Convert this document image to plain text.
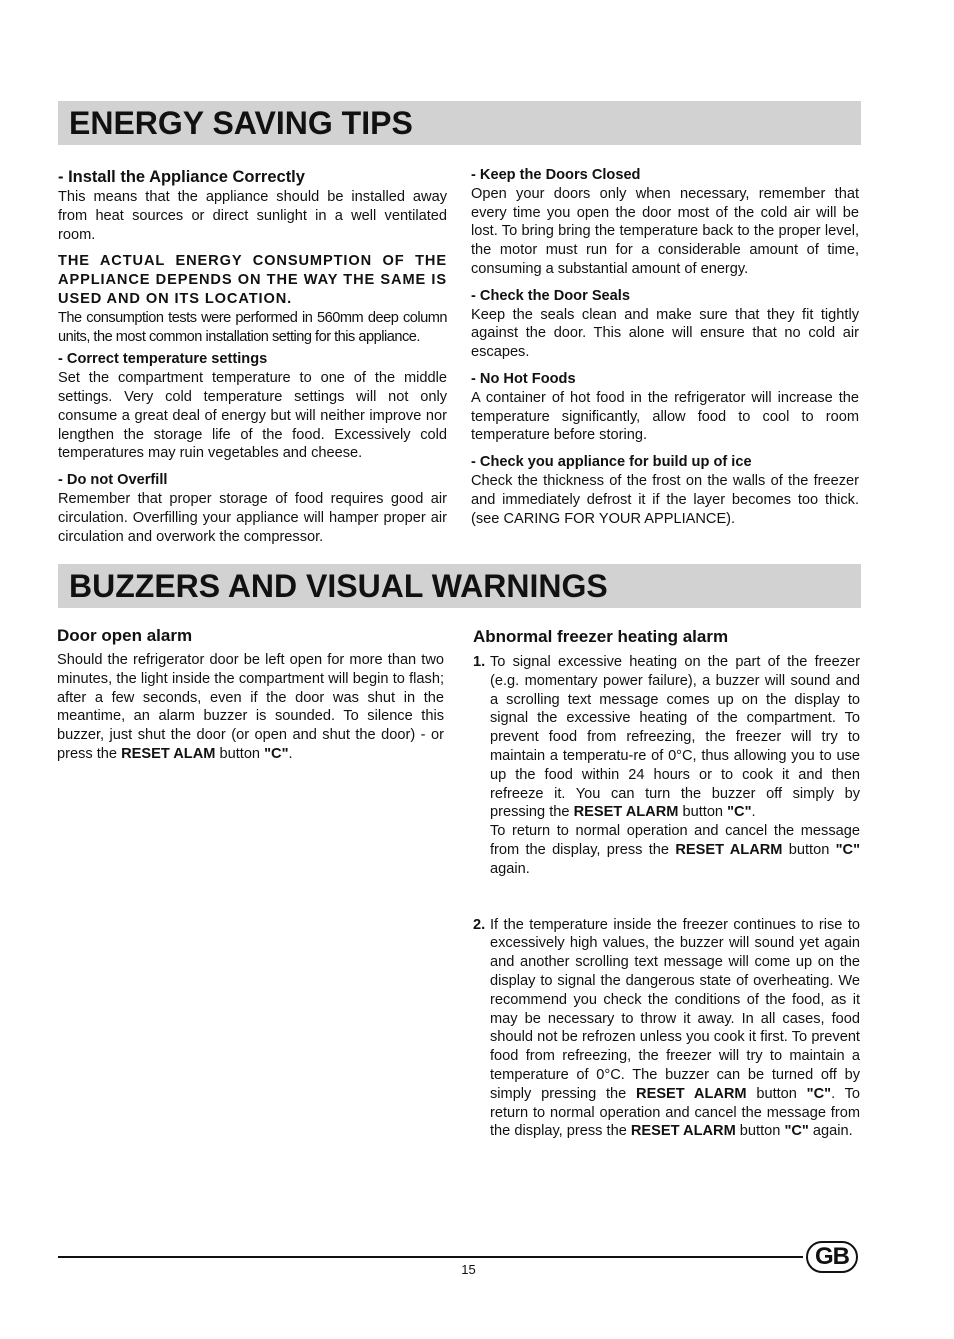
ENERGY SAVING TIPS
- Install the Appliance Correctly

This means that the appliance should be installed away from heat sources or direct sunlight in a well ventilated room.

THE ACTUAL ENERGY CONSUMPTION OF THE APPLIANCE DEPENDS ON THE WAY THE SAME IS USED AND ON ITS LOCATION.

The consumption tests were performed in 560mm deep column units, the most common installation setting for this appliance.

- Correct temperature settings

Set the compartment temperature to one of the middle settings. Very cold temperature settings will not only consume a great deal of energy but will neither improve nor lengthen the storage life of the food. Excessively cold temperatures may ruin vegetables and cheese.

- Do not Overfill

Remember that proper storage of food requires good air circulation. Overfilling your appliance will hamper proper air circulation and overwork the compressor.

- Keep the Doors Closed

Open your doors only when necessary, remember that every time you open the door most of the cold air will be lost. To bring bring the temperature back to the proper level, the motor must run for a considerable amount of time, consuming a substantial amount of energy.

- Check the Door Seals

Keep the seals clean and make sure that they fit tightly against the door. This alone will ensure that no cold air escapes.

- No Hot Foods

A container of hot food in the refrigerator will increase the temperature significantly, allow food to cool to room temperature before storing.

- Check you appliance for build up of ice

Check the thickness of the frost on the walls of the freezer and immediately defrost it if the layer becomes too thick. (see CARING FOR YOUR APPLIANCE).

BUZZERS AND VISUAL WARNINGS
Door open alarm

Should the refrigerator door be left open for more than two minutes, the light inside the compartment will begin to flash; after a few seconds, even if the door was shut in the meantime, an alarm buzzer is sounded. To silence this buzzer, just shut the door (or open and shut the door) - or press the RESET ALAM button "C".

Abnormal freezer heating alarm
1. To signal excessive heating on the part of the freezer (e.g. momentary power failure), a buzzer will sound and a scrolling text message comes up on the display to signal the excessive heating of the compartment. To prevent food from refreezing, the freezer will try to maintain a temperatu-re of 0°C, thus allowing you to use up the food within 24 hours or to cook it and then refreeze it. You can turn the buzzer off simply by pressing the RESET ALARM button "C".

To return to normal operation and cancel the message from the display, press the RESET ALARM button "C" again.

2. If the temperature inside the freezer continues to rise to excessively high values, the buzzer will sound yet again and another scrolling text message will come up on the display to signal the dangerous state of overheating. We recommend you check the conditions of the food, as it may be necessary to throw it away. In all cases, food should not be refrozen unless you cook it first. To prevent food from refreezing, the freezer will try to maintain a temperature of 0°C. The buzzer can be turned off by simply pressing the RESET ALARM button "C". To return to normal operation and cancel the message from the display, press the RESET ALARM button "C" again.

15	GB
